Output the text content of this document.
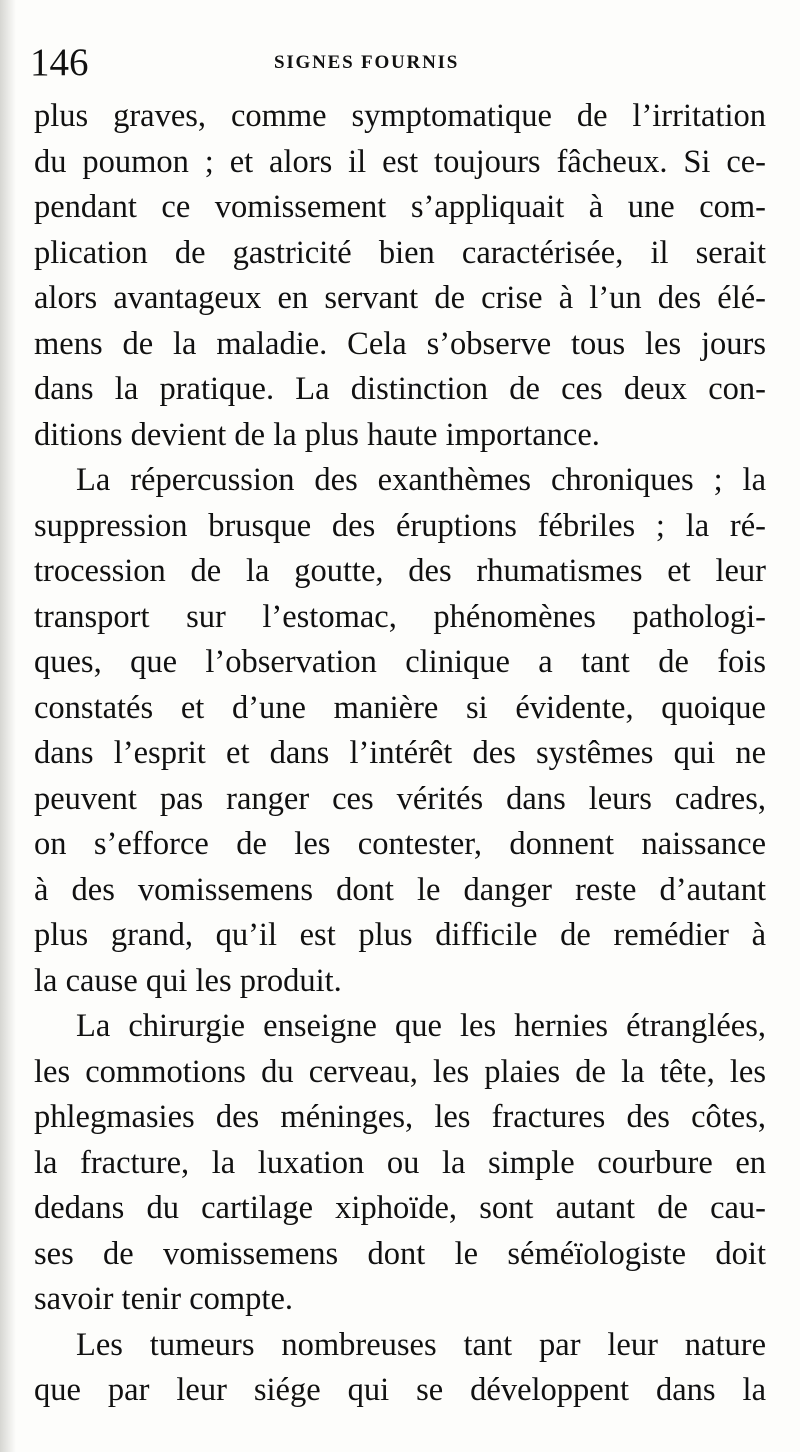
146	SIGNES FOURNIS
plus graves, comme symptomatique de l’irritation
du poumon ; et alors il est toujours fâcheux. Si ce-
pendant ce vomissement s’appliquait à une com-
plication de gastricité bien caractérisée, il serait
alors avantageux en servant de crise à l’un des élé-
mens de la maladie. Cela s’observe tous les jours
dans la pratique. La distinction de ces deux con-
ditions devient de la plus haute importance.
La répercussion des exanthèmes chroniques ; la
suppression brusque des éruptions fébriles ; la ré-
trocession de la goutte, des rhumatismes et leur
transport sur l’estomac, phénomènes pathologi-
ques, que l’observation clinique a tant de fois
constatés et d’une manière si évidente, quoique
dans l’esprit et dans l’intérêt des systêmes qui ne
peuvent pas ranger ces vérités dans leurs cadres,
on s’efforce de les contester, donnent naissance
à des vomissemens dont le danger reste d’autant
plus grand, qu’il est plus difficile de remédier à
la cause qui les produit.
La chirurgie enseigne que les hernies étranglées,
les commotions du cerveau, les plaies de la tête, les
phlegmasies des méninges, les fractures des côtes,
la fracture, la luxation ou la simple courbure en
dedans du cartilage xiphoïde, sont autant de cau-
ses de vomissemens dont le séméïologiste doit
savoir tenir compte.
Les tumeurs nombreuses tant par leur nature
que par leur siége qui se développent dans la
